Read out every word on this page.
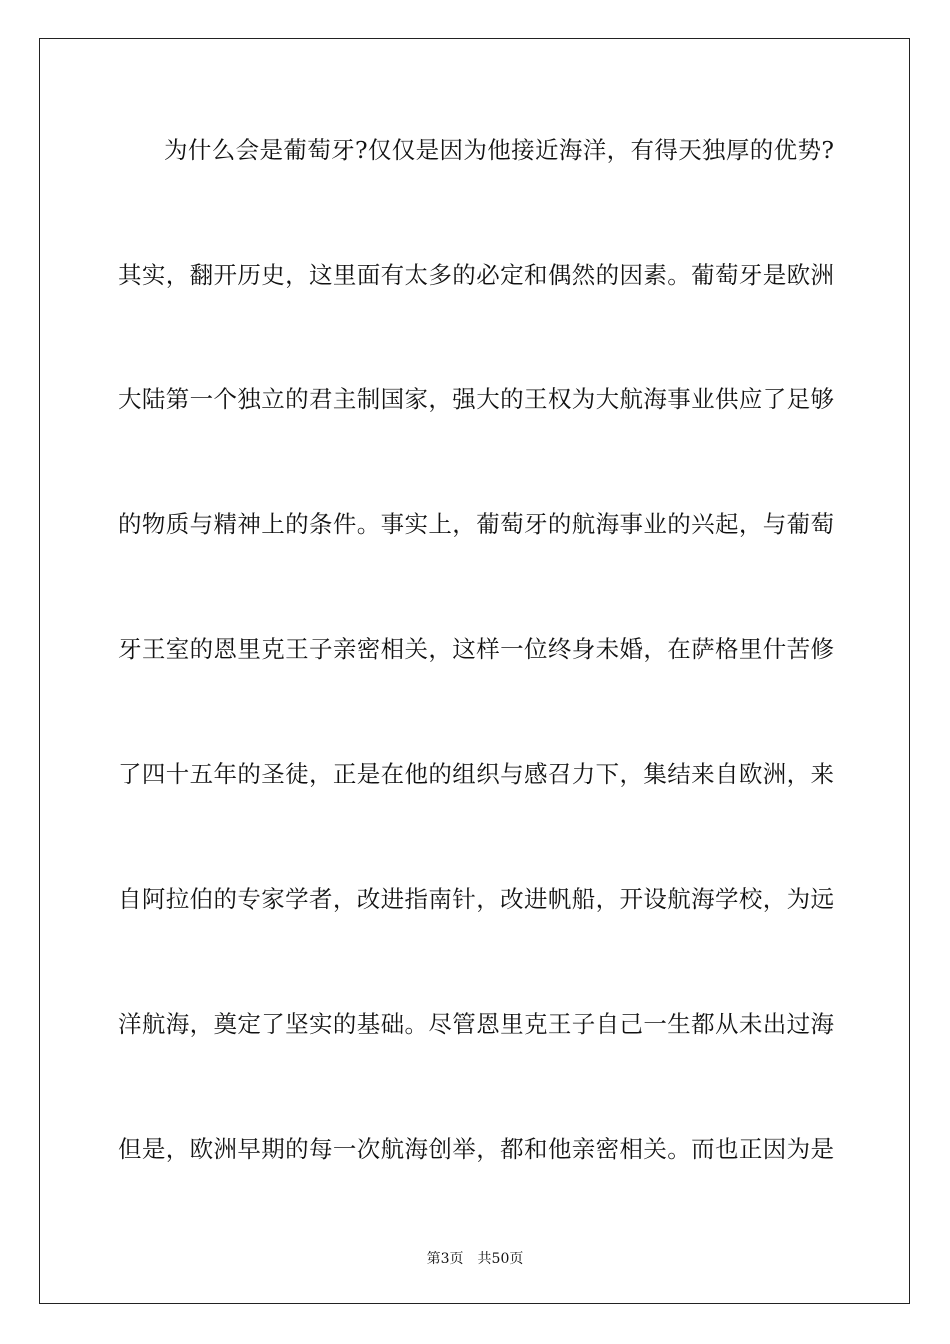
为什么会是葡萄牙?仅仅是因为他接近海洋，有得天独厚的优势?
其实，翻开历史，这里面有太多的必定和偶然的因素。葡萄牙是欧洲
大陆第一个独立的君主制国家，强大的王权为大航海事业供应了足够
的物质与精神上的条件。事实上，葡萄牙的航海事业的兴起，与葡萄
牙王室的恩里克王子亲密相关，这样一位终身未婚，在萨格里什苦修
了四十五年的圣徒，正是在他的组织与感召力下，集结来自欧洲，来
自阿拉伯的专家学者，改进指南针，改进帆船，开设航海学校，为远
洋航海，奠定了坚实的基础。尽管恩里克王子自己一生都从未出过海
但是，欧洲早期的每一次航海创举，都和他亲密相关。而也正因为是
第3页 共50页
